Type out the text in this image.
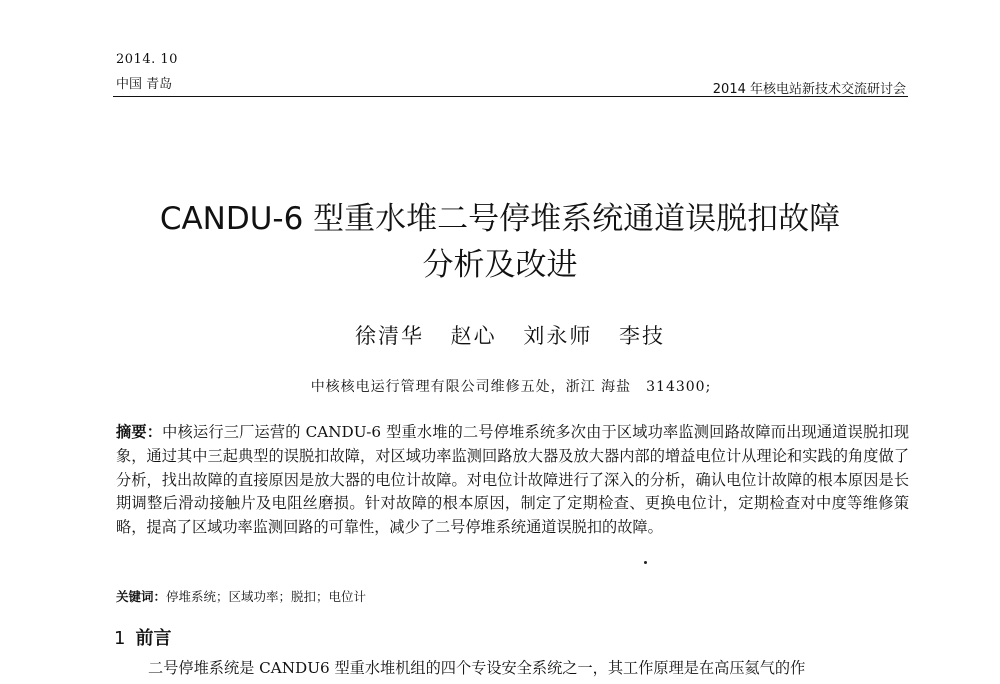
2014. 10
中国 青岛	2014 年核电站新技术交流研讨会
CANDU-6 型重水堆二号停堆系统通道误脱扣故障
分析及改进
徐清华 赵心 刘永师 李技
中核核电运行管理有限公司维修五处，浙江 海盐　314300;
摘要：中核运行三厂运营的 CANDU-6 型重水堆的二号停堆系统多次由于区域功率监测回路故障而出现通道误脱扣现象，通过其中三起典型的误脱扣故障，对区域功率监测回路放大器及放大器内部的增益电位计从理论和实践的角度做了分析，找出故障的直接原因是放大器的电位计故障。对电位计故障进行了深入的分析，确认电位计故障的根本原因是长期调整后滑动接触片及电阻丝磨损。针对故障的根本原因，制定了定期检查、更换电位计，定期检查对中度等维修策略，提高了区域功率监测回路的可靠性，减少了二号停堆系统通道误脱扣的故障。
关键词：停堆系统；区域功率；脱扣；电位计
1 前言
二号停堆系统是 CANDU6 型重水堆机组的四个专设安全系统之一，其工作原理是在高压氦气的作
